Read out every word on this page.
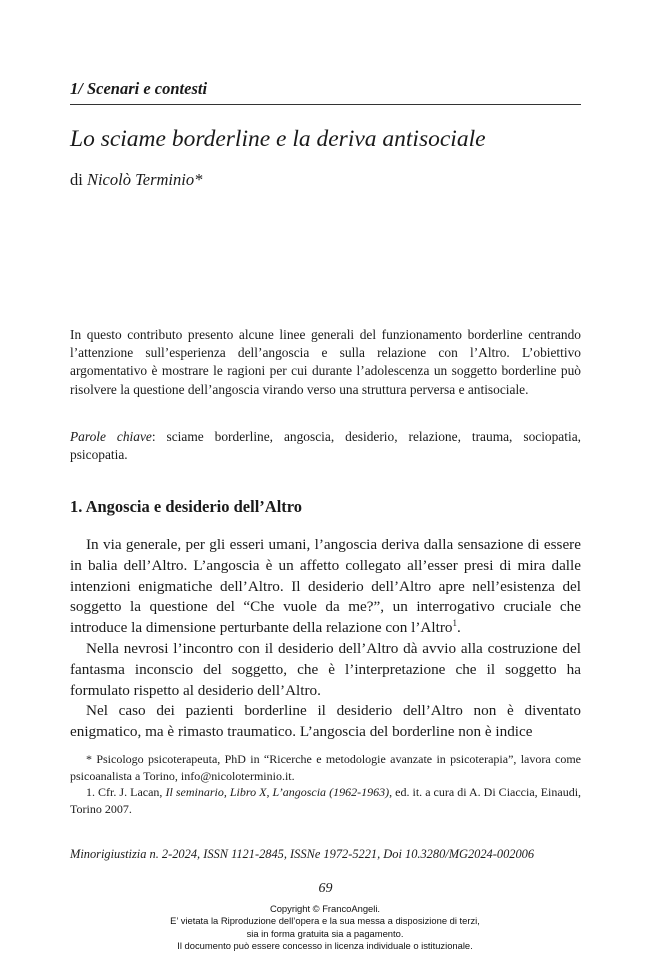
1/ Scenari e contesti
Lo sciame borderline e la deriva antisociale
di Nicolò Terminio*

In questo contributo presento alcune linee generali del funzionamento borderline centrando l’attenzione sull’esperienza dell’angoscia e sulla relazione con l’Altro. L’obiettivo argomentativo è mostrare le ragioni per cui durante l’adolescenza un soggetto borderline può risolvere la questione dell’angoscia virando verso una struttura perversa e antisociale.

Parole chiave: sciame borderline, angoscia, desiderio, relazione, trauma, sociopatia, psicopatia.

1. Angoscia e desiderio dell’Altro

In via generale, per gli esseri umani, l’angoscia deriva dalla sensazione di essere in balia dell’Altro. L’angoscia è un affetto collegato all’esser presi di mira dalle intenzioni enigmatiche dell’Altro. Il desiderio dell’Altro apre nell’esistenza del soggetto la questione del “Che vuole da me?”, un interrogativo cruciale che introduce la dimensione perturbante della relazione con l’Altro$^1$.

Nella nevrosi l’incontro con il desiderio dell’Altro dà avvio alla costruzione del fantasma inconscio del soggetto, che è l’interpretazione che il soggetto ha formulato rispetto al desiderio dell’Altro.

Nel caso dei pazienti borderline il desiderio dell’Altro non è diventato enigmatico, ma è rimasto traumatico. L’angoscia del borderline non è indice

* Psicologo psicoterapeuta, PhD in “Ricerche e metodologie avanzate in psicoterapia”, lavora come psicoanalista a Torino, info@nicoloterminio.it.

1. Cfr. J. Lacan, Il seminario, Libro X, L’angoscia (1962-1963), ed. it. a cura di A. Di Ciaccia, Einaudi, Torino 2007.

Minorigiustizia n. 2-2024, ISSN 1121-2845, ISSNe 1972-5221, Doi 10.3280/MG2024-002006
69
Copyright © FrancoAngeli.
E’ vietata la Riproduzione dell’opera e la sua messa a disposizione di terzi,
sia in forma gratuita sia a pagamento.
Il documento può essere concesso in licenza individuale o istituzionale.
